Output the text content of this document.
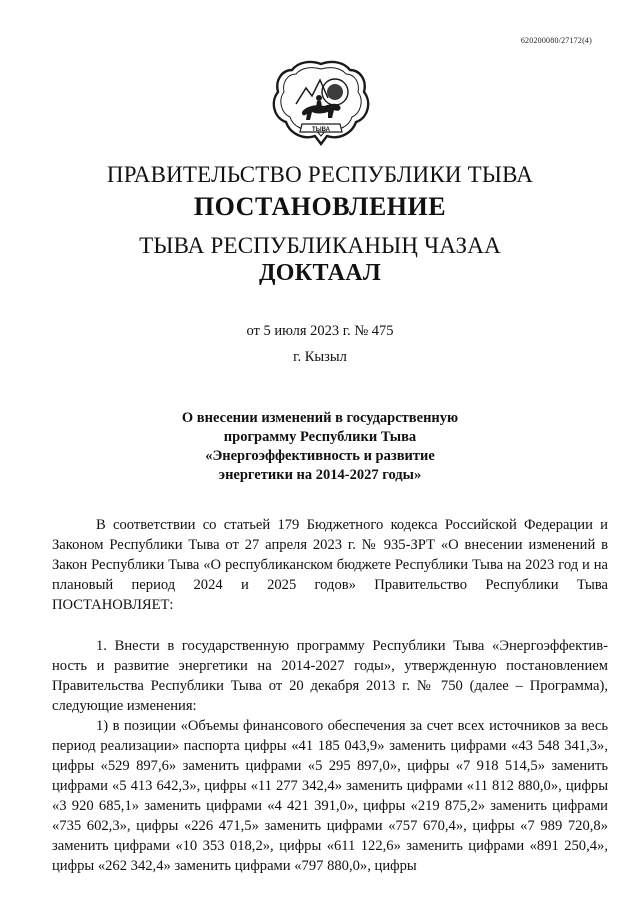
620200080/27172(4)
ТЫВА
ПРАВИТЕЛЬСТВО РЕСПУБЛИКИ ТЫВА
ПОСТАНОВЛЕНИЕ
ТЫВА РЕСПУБЛИКАНЫҢ ЧАЗАА
ДОКТААЛ
от 5 июля 2023 г. № 475
г. Кызыл
О внесении изменений в государственную
программу Республики Тыва
«Энергоэффективность и развитие
энергетики на 2014-2027 годы»

В соответствии со статьей 179 Бюджетного кодекса Российской Федерации и Законом Республики Тыва от 27 апреля 2023 г. № 935-ЗРТ «О внесении изменений в Закон Республики Тыва «О республиканском бюджете Республики Тыва на 2023 год и на плановый период 2024 и 2025 годов» Правительство Республики Тыва ПОСТАНОВЛЯЕТ:

1. Внести в государственную программу Республики Тыва «Энергоэффективность и развитие энергетики на 2014-2027 годы», утвержденную постановлением Правительства Республики Тыва от 20 декабря 2013 г. № 750 (далее – Программа), следующие изменения:

1) в позиции «Объемы финансового обеспечения за счет всех источников за весь период реализации» паспорта цифры «41 185 043,9» заменить цифрами «43 548 341,3», цифры «529 897,6» заменить цифрами «5 295 897,0», цифры «7 918 514,5» заменить цифрами «5 413 642,3», цифры «11 277 342,4» заменить цифрами «11 812 880,0», цифры «3 920 685,1» заменить цифрами «4 421 391,0», цифры «219 875,2» заменить цифрами «735 602,3», цифры «226 471,5» заменить цифрами «757 670,4», цифры «7 989 720,8» заменить цифрами «10 353 018,2», цифры «611 122,6» заменить цифрами «891 250,4», цифры «262 342,4» заменить цифрами «797 880,0», цифры
